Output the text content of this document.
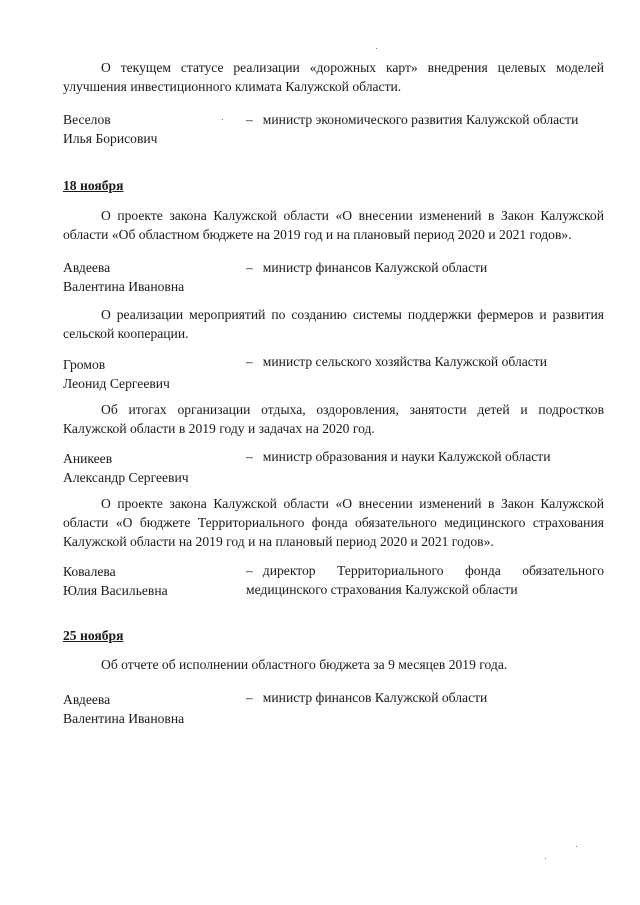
О текущем статусе реализации «дорожных карт» внедрения целевых моделей улучшения инвестиционного климата Калужской области.

Веселов
Илья Борисович
– министр экономического развития Калужской области
18 ноября

О проекте закона Калужской области «О внесении изменений в Закон Калужской области «Об областном бюджете на 2019 год и на плановый период 2020 и 2021 годов».

Авдеева
Валентина Ивановна
– министр финансов Калужской области

О реализации мероприятий по созданию системы поддержки фермеров и развития сельской кооперации.

Громов
Леонид Сергеевич
– министр сельского хозяйства Калужской области

Об итогах организации отдыха, оздоровления, занятости детей и подростков Калужской области в 2019 году и задачах на 2020 год.

Аникеев
Александр Сергеевич
– министр образования и науки Калужской области

О проекте закона Калужской области «О внесении изменений в Закон Калужской области «О бюджете Территориального фонда обязательного медицинского страхования Калужской области на 2019 год и на плановый период 2020 и 2021 годов».

Ковалева
Юлия Васильевна
– директор Территориального фонда обязательного медицинского страхования Калужской области
25 ноября

Об отчете об исполнении областного бюджета за 9 месяцев 2019 года.

Авдеева
Валентина Ивановна
– министр финансов Калужской области
